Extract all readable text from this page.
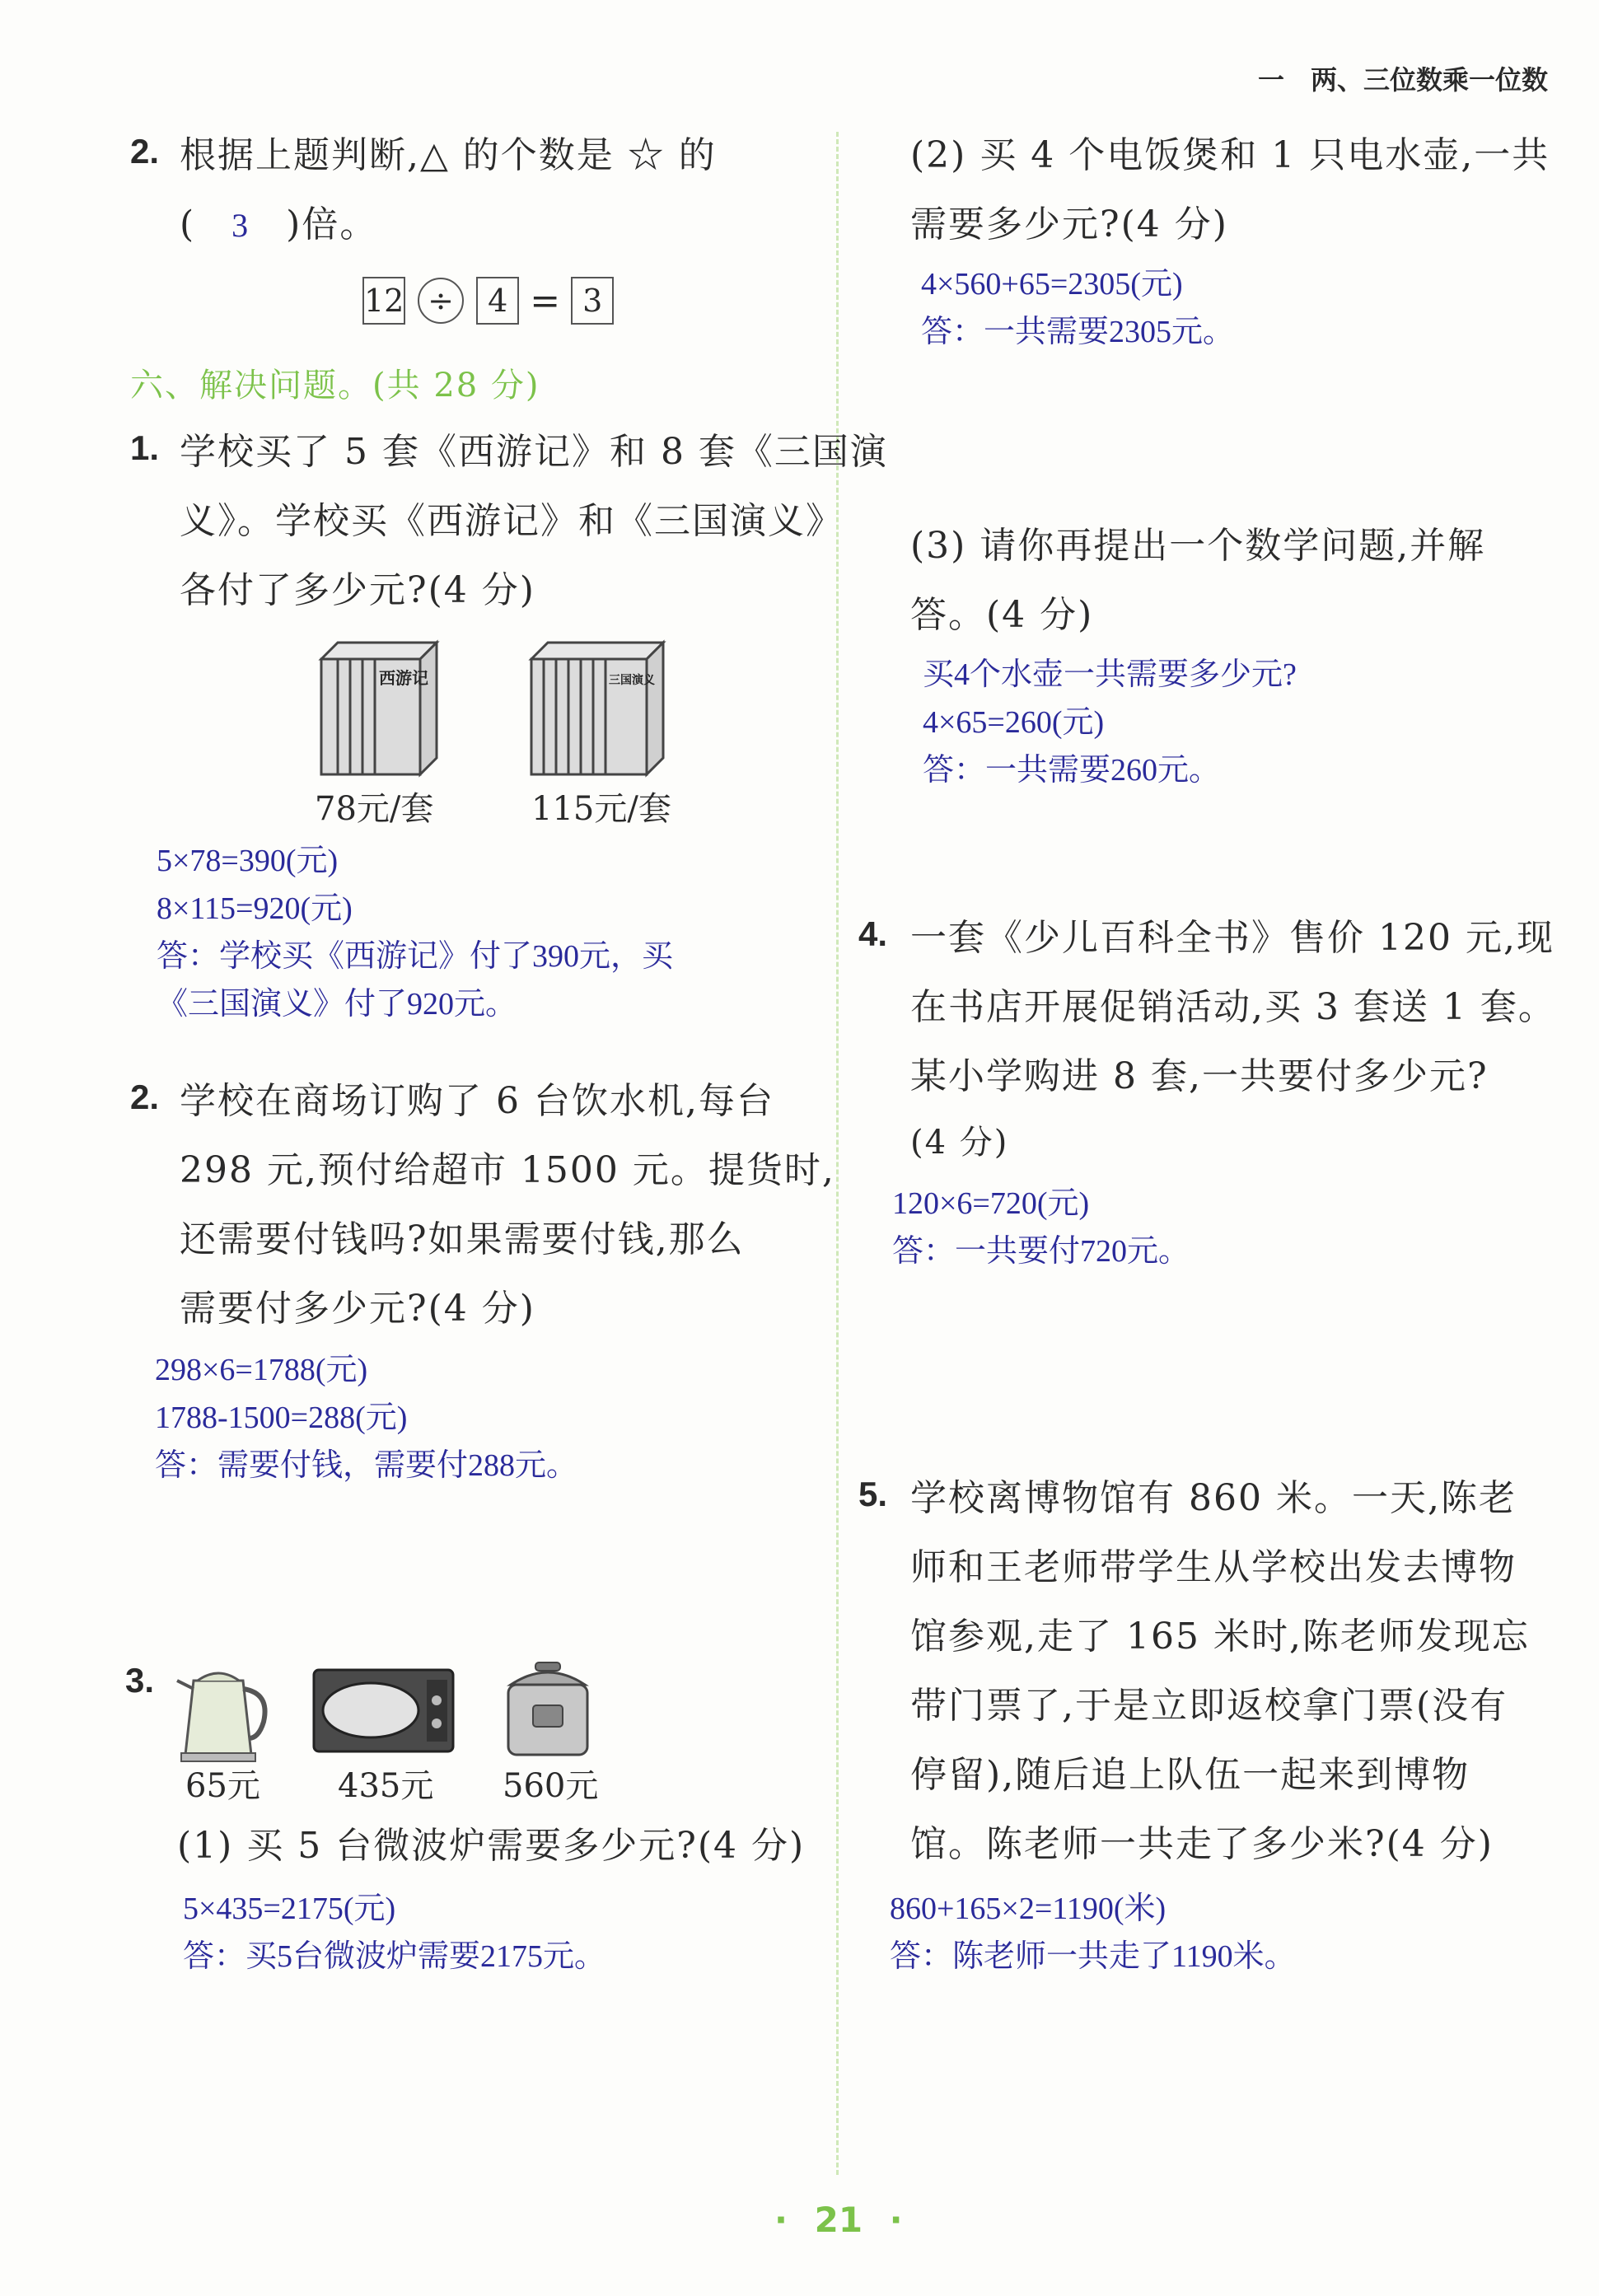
一　两、三位数乘一位数
2. 根据上题判断,△ 的个数是 ☆ 的
( 3 )倍。
12 ÷ 4 = 3
六、解决问题。(共 28 分)
1. 学校买了 5 套《西游记》和 8 套《三国演
义》。学校买《西游记》和《三国演义》
各付了多少元?(4 分)
西游记	三国演义
78元/套	115元/套
5×78=390(元)
8×115=920(元)
答：学校买《西游记》付了390元，买
《三国演义》付了920元。
2. 学校在商场订购了 6 台饮水机,每台
298 元,预付给超市 1500 元。提货时,
还需要付钱吗?如果需要付钱,那么
需要付多少元?(4 分)
298×6=1788(元)
1788-1500=288(元)
答：需要付钱，需要付288元。
3.
65元 435元 560元
(1) 买 5 台微波炉需要多少元?(4 分)
5×435=2175(元)
答：买5台微波炉需要2175元。
(2) 买 4 个电饭煲和 1 只电水壶,一共
需要多少元?(4 分)
4×560+65=2305(元)
答：一共需要2305元。
(3) 请你再提出一个数学问题,并解
答。(4 分)
买4个水壶一共需要多少元?
4×65=260(元)
答：一共需要260元。
4. 一套《少儿百科全书》售价 120 元,现
在书店开展促销活动,买 3 套送 1 套。
某小学购进 8 套,一共要付多少元?
(4 分)
120×6=720(元)
答：一共要付720元。
5. 学校离博物馆有 860 米。一天,陈老
师和王老师带学生从学校出发去博物
馆参观,走了 165 米时,陈老师发现忘
带门票了,于是立即返校拿门票(没有
停留),随后追上队伍一起来到博物
馆。陈老师一共走了多少米?(4 分)
860+165×2=1190(米)
答：陈老师一共走了1190米。
· 21 ·
